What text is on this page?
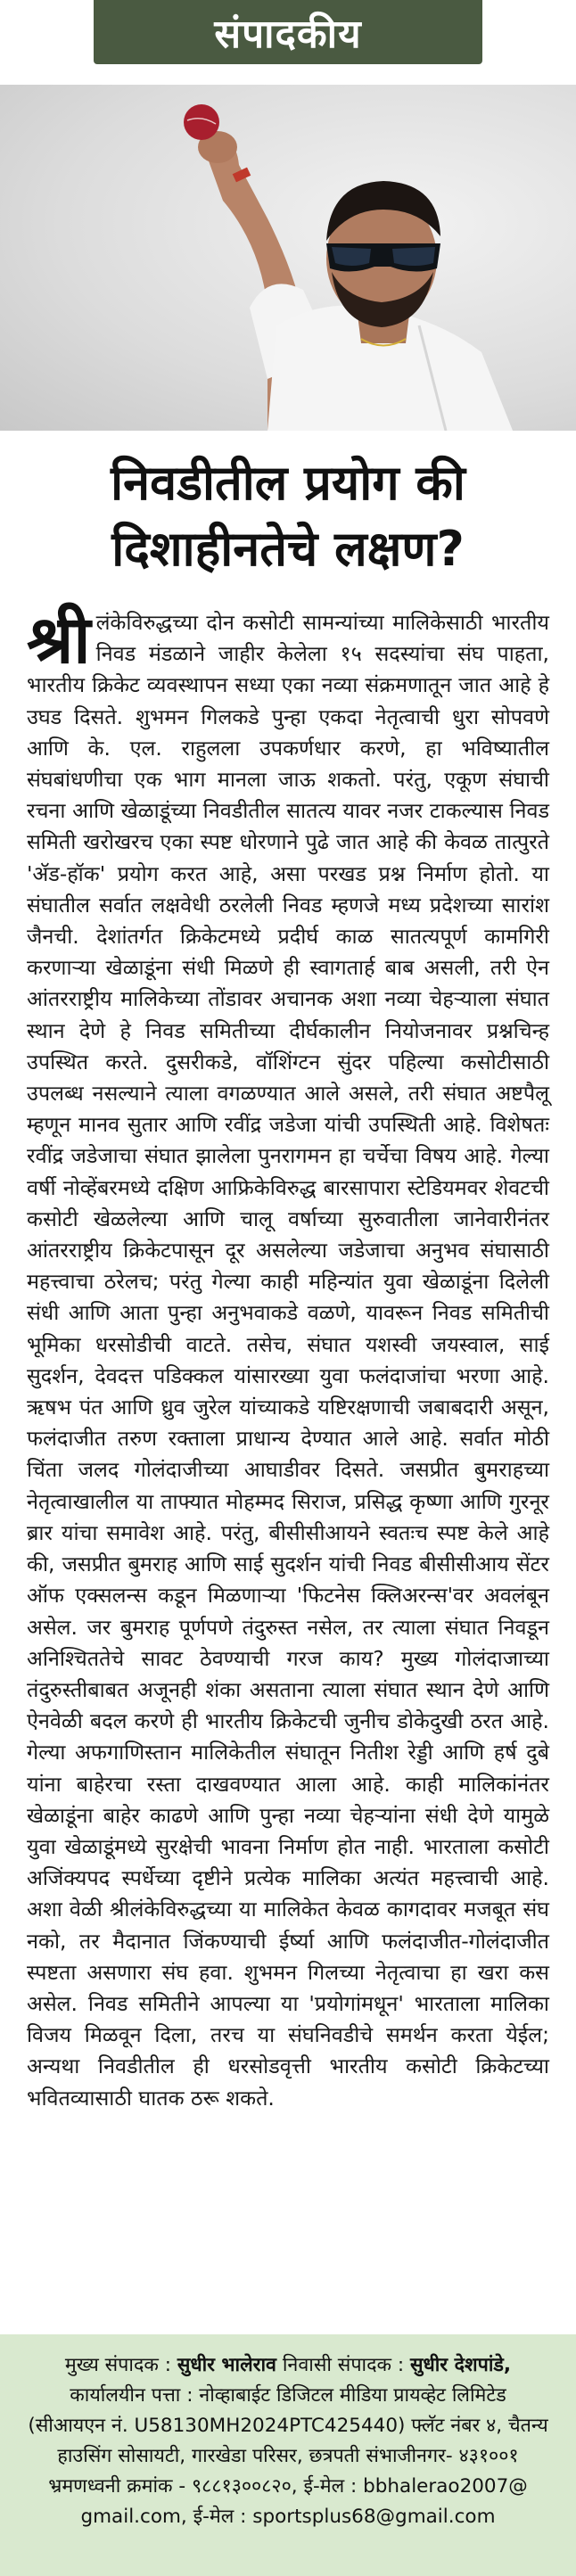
संपादकीय
निवडीतील प्रयोग की
दिशाहीनतेचे लक्षण?
श्री लंकेविरुद्धच्या दोन कसोटी सामन्यांच्या मालिकेसाठी भारतीय निवड मंडळाने जाहीर केलेला १५ सदस्यांचा संघ पाहता, भारतीय क्रिकेट व्यवस्थापन सध्या एका नव्या संक्रमणातून जात आहे हे उघड दिसते. शुभमन गिलकडे पुन्हा एकदा नेतृत्वाची धुरा सोपवणे आणि के. एल. राहुलला उपकर्णधार करणे, हा भविष्यातील संघबांधणीचा एक भाग मानला जाऊ शकतो. परंतु, एकूण संघाची रचना आणि खेळाडूंच्या निवडीतील सातत्य यावर नजर टाकल्यास निवड समिती खरोखरच एका स्पष्ट धोरणाने पुढे जात आहे की केवळ तात्पुरते 'ॲड-हॉक' प्रयोग करत आहे, असा परखड प्रश्न निर्माण होतो. या संघातील सर्वात लक्षवेधी ठरलेली निवड म्हणजे मध्य प्रदेशच्या सारांश जैनची. देशांतर्गत क्रिकेटमध्ये प्रदीर्घ काळ सातत्यपूर्ण कामगिरी करणाऱ्या खेळाडूंना संधी मिळणे ही स्वागतार्ह बाब असली, तरी ऐन आंतरराष्ट्रीय मालिकेच्या तोंडावर अचानक अशा नव्या चेहऱ्याला संघात स्थान देणे हे निवड समितीच्या दीर्घकालीन नियोजनावर प्रश्नचिन्ह उपस्थित करते. दुसरीकडे, वॉशिंग्टन सुंदर पहिल्या कसोटीसाठी उपलब्ध नसल्याने त्याला वगळण्यात आले असले, तरी संघात अष्टपैलू म्हणून मानव सुतार आणि रवींद्र जडेजा यांची उपस्थिती आहे. विशेषतः रवींद्र जडेजाचा संघात झालेला पुनरागमन हा चर्चेचा विषय आहे. गेल्या वर्षी नोव्हेंबरमध्ये दक्षिण आफ्रिकेविरुद्ध बारसापारा स्टेडियमवर शेवटची कसोटी खेळलेल्या आणि चालू वर्षाच्या सुरुवातीला जानेवारीनंतर आंतरराष्ट्रीय क्रिकेटपासून दूर असलेल्या जडेजाचा अनुभव संघासाठी महत्त्वाचा ठरेलच; परंतु गेल्या काही महिन्यांत युवा खेळाडूंना दिलेली संधी आणि आता पुन्हा अनुभवाकडे वळणे, यावरून निवड समितीची भूमिका धरसोडीची वाटते. तसेच, संघात यशस्वी जयस्वाल, साई सुदर्शन, देवदत्त पडिक्कल यांसारख्या युवा फलंदाजांचा भरणा आहे. ऋषभ पंत आणि ध्रुव जुरेल यांच्याकडे यष्टिरक्षणाची जबाबदारी असून, फलंदाजीत तरुण रक्ताला प्राधान्य देण्यात आले आहे. सर्वात मोठी चिंता जलद गोलंदाजीच्या आघाडीवर दिसते. जसप्रीत बुमराहच्या नेतृत्वाखालील या ताफ्यात मोहम्मद सिराज, प्रसिद्ध कृष्णा आणि गुरनूर ब्रार यांचा समावेश आहे. परंतु, बीसीसीआयने स्वतःच स्पष्ट केले आहे की, जसप्रीत बुमराह आणि साई सुदर्शन यांची निवड बीसीसीआय सेंटर ऑफ एक्सलन्स कडून मिळणाऱ्या 'फिटनेस क्लिअरन्स'वर अवलंबून असेल. जर बुमराह पूर्णपणे तंदुरुस्त नसेल, तर त्याला संघात निवडून अनिश्चिततेचे सावट ठेवण्याची गरज काय? मुख्य गोलंदाजाच्या तंदुरुस्तीबाबत अजूनही शंका असताना त्याला संघात स्थान देणे आणि ऐनवेळी बदल करणे ही भारतीय क्रिकेटची जुनीच डोकेदुखी ठरत आहे. गेल्या अफगाणिस्तान मालिकेतील संघातून नितीश रेड्डी आणि हर्ष दुबे यांना बाहेरचा रस्ता दाखवण्यात आला आहे. काही मालिकांनंतर खेळाडूंना बाहेर काढणे आणि पुन्हा नव्या चेहऱ्यांना संधी देणे यामुळे युवा खेळाडूंमध्ये सुरक्षेची भावना निर्माण होत नाही. भारताला कसोटी अजिंक्यपद स्पर्धेच्या दृष्टीने प्रत्येक मालिका अत्यंत महत्त्वाची आहे. अशा वेळी श्रीलंकेविरुद्धच्या या मालिकेत केवळ कागदावर मजबूत संघ नको, तर मैदानात जिंकण्याची ईर्ष्या आणि फलंदाजीत-गोलंदाजीत स्पष्टता असणारा संघ हवा. शुभमन गिलच्या नेतृत्वाचा हा खरा कस असेल. निवड समितीने आपल्या या 'प्रयोगांमधून' भारताला मालिका विजय मिळवून दिला, तरच या संघनिवडीचे समर्थन करता येईल; अन्यथा निवडीतील ही धरसोडवृत्ती भारतीय कसोटी क्रिकेटच्या भवितव्यासाठी घातक ठरू शकते.
मुख्य संपादक : सुधीर भालेराव निवासी संपादक : सुधीर देशपांडे,
कार्यालयीन पत्ता : नोव्हाबाईट डिजिटल मीडिया प्रायव्हेट लिमिटेड
(सीआयएन नं. U58130MH2024PTC425440) फ्लॅट नंबर ४, चैतन्य
हाउसिंग सोसायटी, गारखेडा परिसर, छत्रपती संभाजीनगर- ४३१००१
भ्रमणध्वनी क्रमांक - ९८८१३००८२०, ई-मेल : bbhalerao2007@
gmail.com, ई-मेल : sportsplus68@gmail.com
